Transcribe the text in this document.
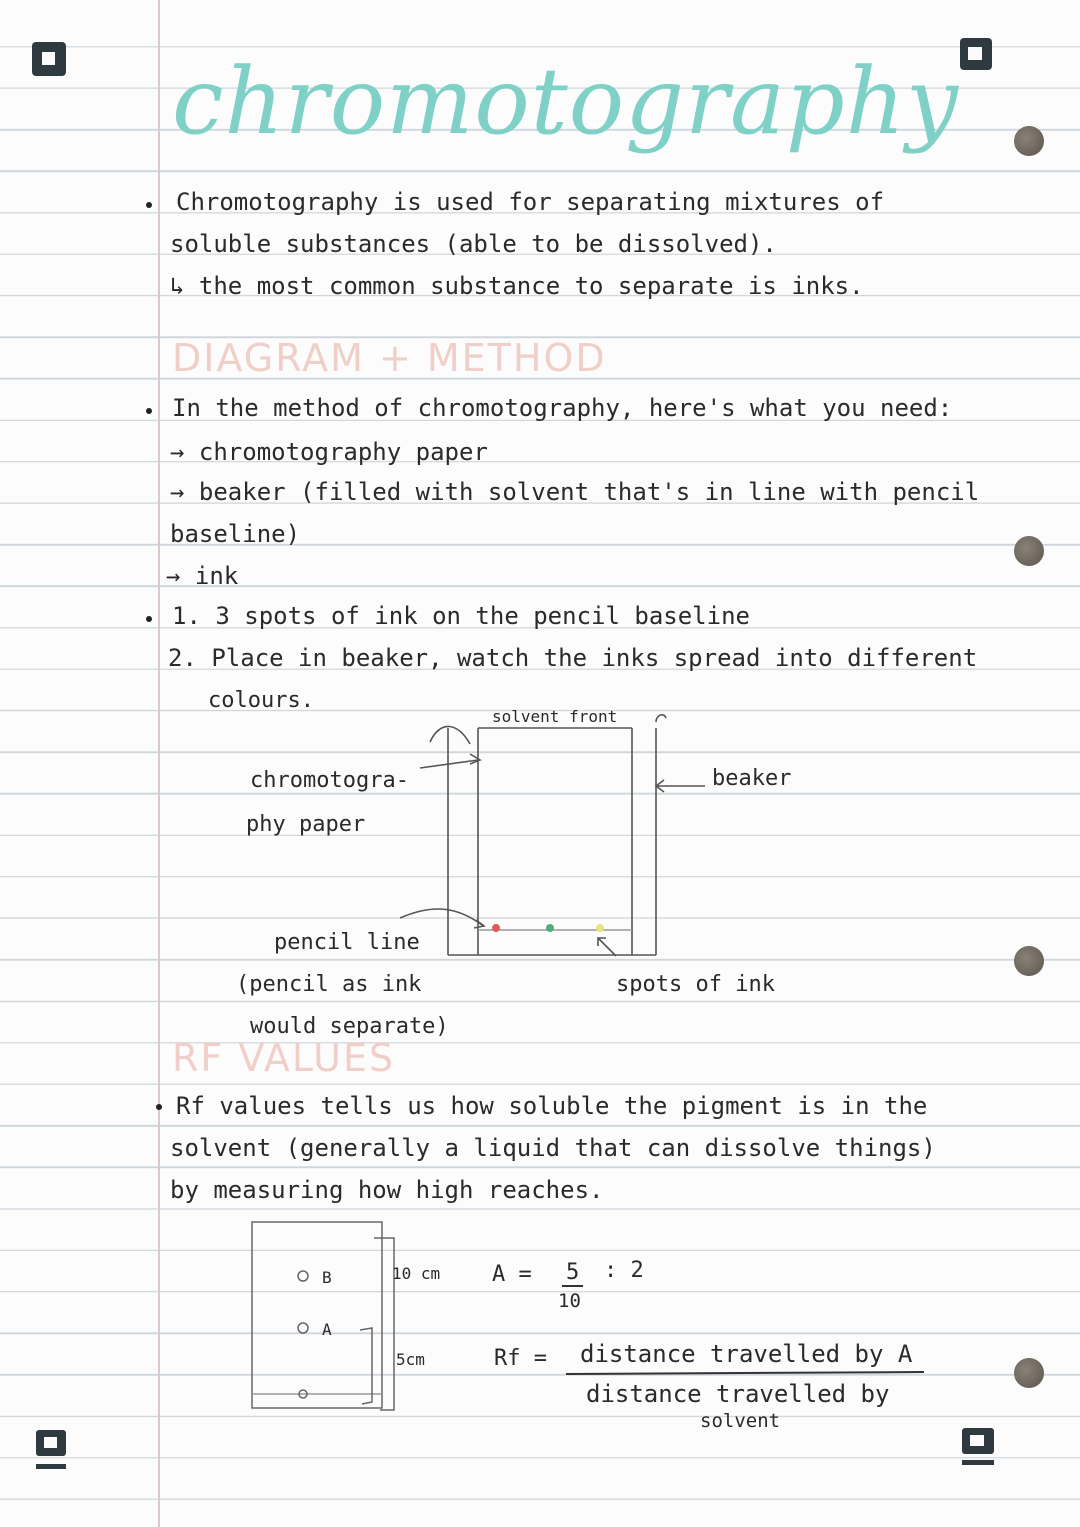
chromotography
Chromotography is used for separating mixtures of
soluble substances (able to be dissolved).
↳ the most common substance to separate is inks.
DIAGRAM + METHOD
In the method of chromotography, here's what you need:
→ chromotography paper
→ beaker (filled with solvent that's in line with pencil
baseline)
→ ink
1. 3 spots of ink on the pencil baseline
2. Place in beaker, watch the inks spread into different
colours.
solvent front
chromotogra-
phy paper
beaker
pencil line
(pencil as ink
would separate)
spots of ink
RF VALUES
Rf values tells us how soluble the pigment is in the
solvent (generally a liquid that can dissolve things)
by measuring how high reaches.
B
A
10 cm
5cm
A = 5
10
: 2
Rf = distance travelled by A
distance travelled by
solvent
